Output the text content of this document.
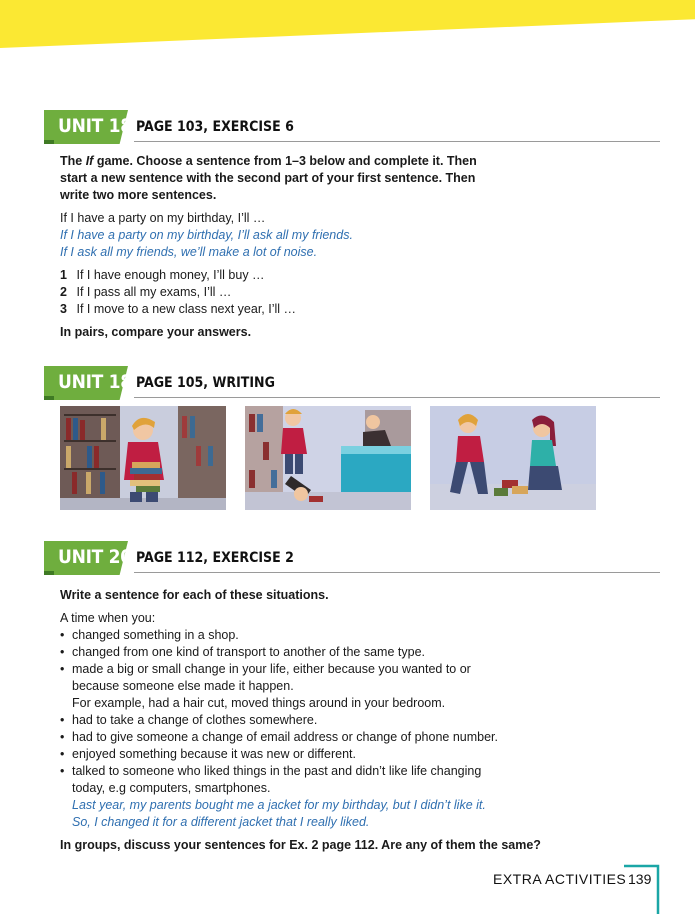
UNIT 18 PAGE 103, EXERCISE 6

The If game. Choose a sentence from 1–3 below and complete it. Then start a new sentence with the second part of your first sentence. Then write two more sentences.

If I have a party on my birthday, I’ll …

If I have a party on my birthday, I’ll ask all my friends.

If I ask all my friends, we’ll make a lot of noise.

1 If I have enough money, I’ll buy …
2 If I pass all my exams, I’ll …
3 If I move to a new class next year, I’ll …

In pairs, compare your answers.

UNIT 18 PAGE 105, WRITING
UNIT 20 PAGE 112, EXERCISE 2

Write a sentence for each of these situations.

A time when you:

• changed something in a shop.
• changed from one kind of transport to another of the same type.
• made a big or small change in your life, either because you wanted to or because someone else made it happen.
For example, had a hair cut, moved things around in your bedroom.
• had to take a change of clothes somewhere.
• had to give someone a change of email address or change of phone number.
• enjoyed something because it was new or different.
• talked to someone who liked things in the past and didn’t like life changing today, e.g computers, smartphones.

Last year, my parents bought me a jacket for my birthday, but I didn’t like it.

So, I changed it for a different jacket that I really liked.

In groups, discuss your sentences for Ex. 2 page 112. Are any of them the same?

EXTRA ACTIVITIES 139
